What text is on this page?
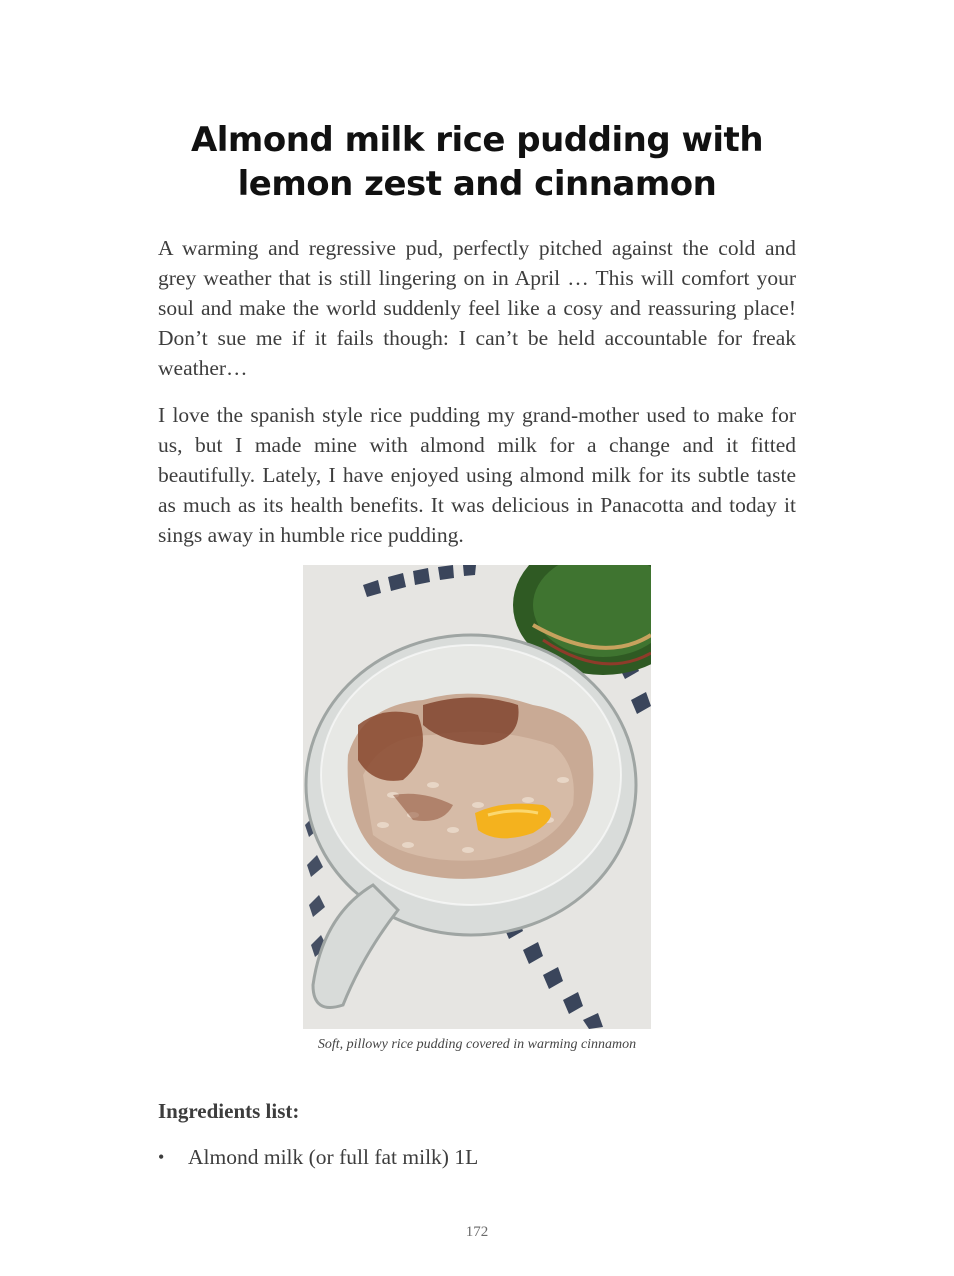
Almond milk rice pudding with lemon zest and cinnamon

A warming and regressive pud, perfectly pitched against the cold and grey weather that is still lingering on in April … This will comfort your soul and make the world suddenly feel like a cosy and reassuring place! Don’t sue me if it fails though: I can’t be held accountable for freak weather…

I love the spanish style rice pudding my grand-mother used to make for us, but I made mine with almond milk for a change and it fitted beautifully. Lately, I have enjoyed using almond milk for its subtle taste as much as its health benefits. It was delicious in Panacotta and today it sings away in humble rice pudding.

Soft, pillowy rice pudding covered in warming cinnamon

Ingredients list:
• Almond milk (or full fat milk) 1L
172
